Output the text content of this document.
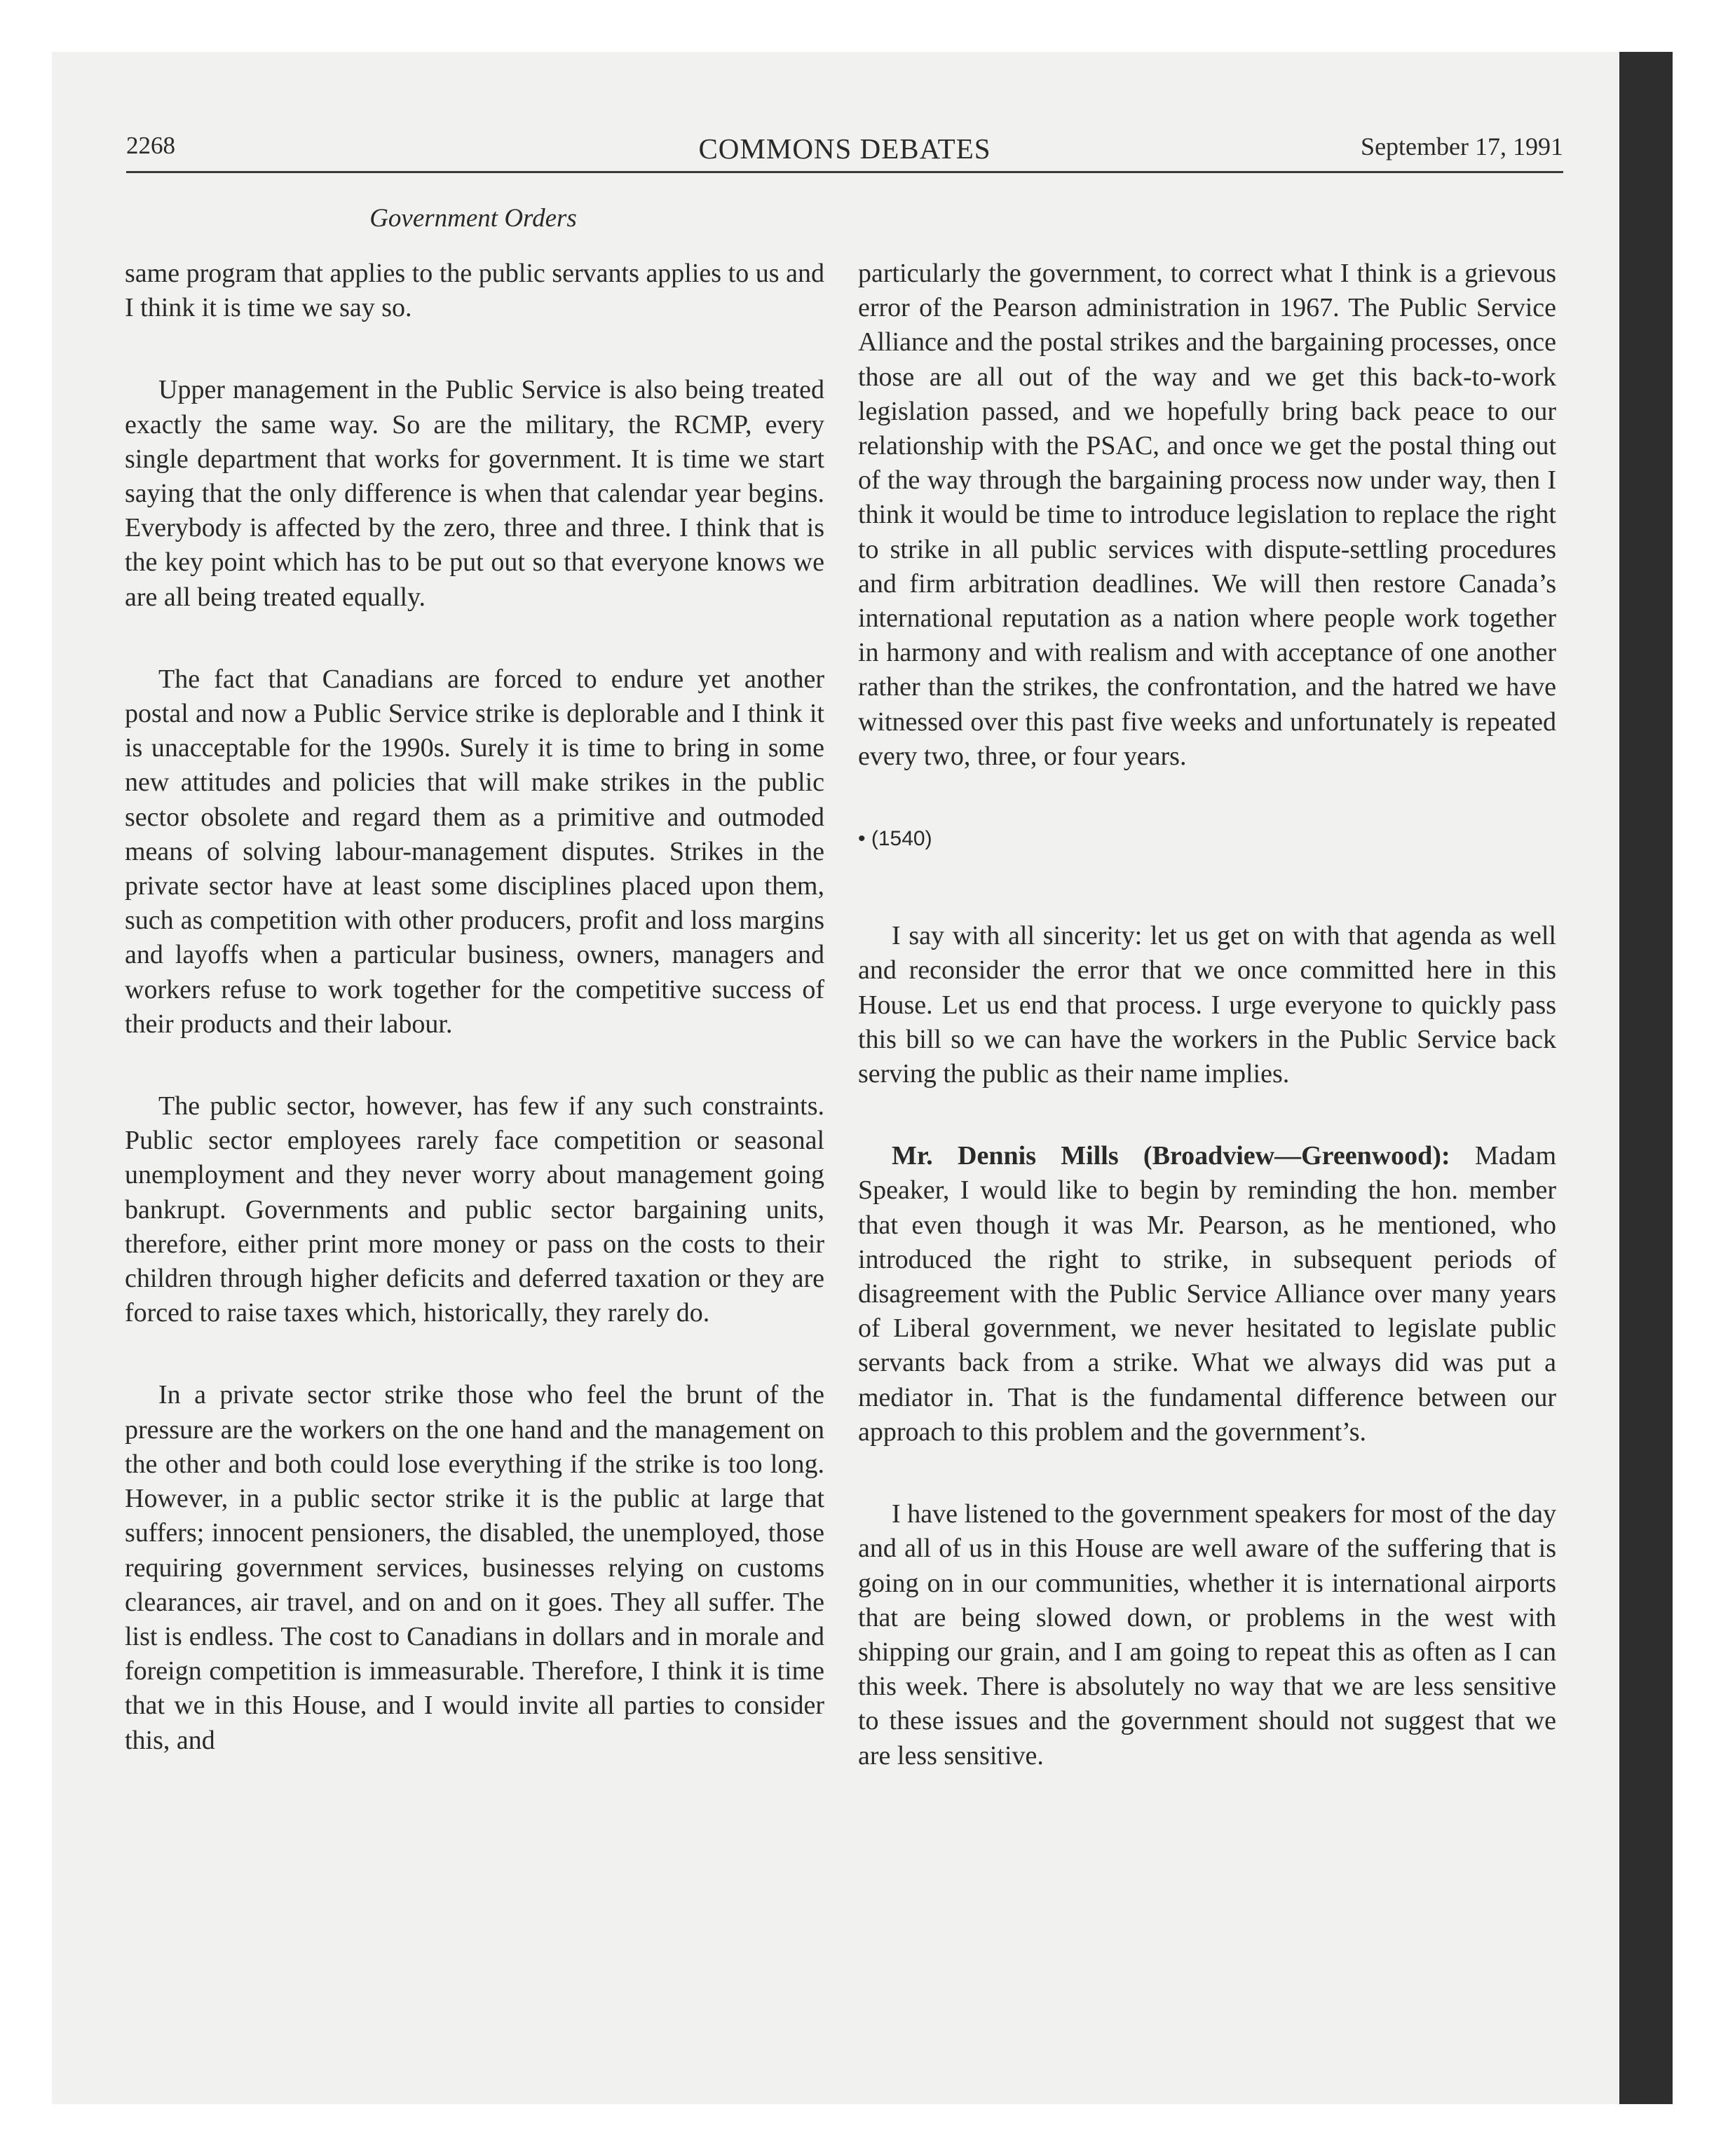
2268	COMMONS DEBATES	September 17, 1991
Government Orders

same program that applies to the public servants applies to us and I think it is time we say so.

Upper management in the Public Service is also being treated exactly the same way. So are the military, the RCMP, every single department that works for government. It is time we start saying that the only difference is when that calendar year begins. Everybody is affected by the zero, three and three. I think that is the key point which has to be put out so that everyone knows we are all being treated equally.

The fact that Canadians are forced to endure yet another postal and now a Public Service strike is deplorable and I think it is unacceptable for the 1990s. Surely it is time to bring in some new attitudes and policies that will make strikes in the public sector obsolete and regard them as a primitive and outmoded means of solving labour-management disputes. Strikes in the private sector have at least some disciplines placed upon them, such as competition with other producers, profit and loss margins and layoffs when a particular business, owners, managers and workers refuse to work together for the competitive success of their products and their labour.

The public sector, however, has few if any such constraints. Public sector employees rarely face competition or seasonal unemployment and they never worry about management going bankrupt. Governments and public sector bargaining units, therefore, either print more money or pass on the costs to their children through higher deficits and deferred taxation or they are forced to raise taxes which, historically, they rarely do.

In a private sector strike those who feel the brunt of the pressure are the workers on the one hand and the management on the other and both could lose everything if the strike is too long. However, in a public sector strike it is the public at large that suffers; innocent pensioners, the disabled, the unemployed, those requiring government services, businesses relying on customs clearances, air travel, and on and on it goes. They all suffer. The list is endless. The cost to Canadians in dollars and in morale and foreign competition is immeasurable. Therefore, I think it is time that we in this House, and I would invite all parties to consider this, and

particularly the government, to correct what I think is a grievous error of the Pearson administration in 1967. The Public Service Alliance and the postal strikes and the bargaining processes, once those are all out of the way and we get this back-to-work legislation passed, and we hopefully bring back peace to our relationship with the PSAC, and once we get the postal thing out of the way through the bargaining process now under way, then I think it would be time to introduce legislation to replace the right to strike in all public services with dispute-settling procedures and firm arbitration deadlines. We will then restore Canada’s international reputation as a nation where people work together in harmony and with realism and with acceptance of one another rather than the strikes, the confrontation, and the hatred we have witnessed over this past five weeks and unfortunately is repeated every two, three, or four years.

• (1540)

I say with all sincerity: let us get on with that agenda as well and reconsider the error that we once committed here in this House. Let us end that process. I urge everyone to quickly pass this bill so we can have the workers in the Public Service back serving the public as their name implies.

Mr. Dennis Mills (Broadview—Greenwood): Madam Speaker, I would like to begin by reminding the hon. member that even though it was Mr. Pearson, as he mentioned, who introduced the right to strike, in subsequent periods of disagreement with the Public Service Alliance over many years of Liberal government, we never hesitated to legislate public servants back from a strike. What we always did was put a mediator in. That is the fundamental difference between our approach to this problem and the government’s.

I have listened to the government speakers for most of the day and all of us in this House are well aware of the suffering that is going on in our communities, whether it is international airports that are being slowed down, or problems in the west with shipping our grain, and I am going to repeat this as often as I can this week. There is absolutely no way that we are less sensitive to these issues and the government should not suggest that we are less sensitive.
